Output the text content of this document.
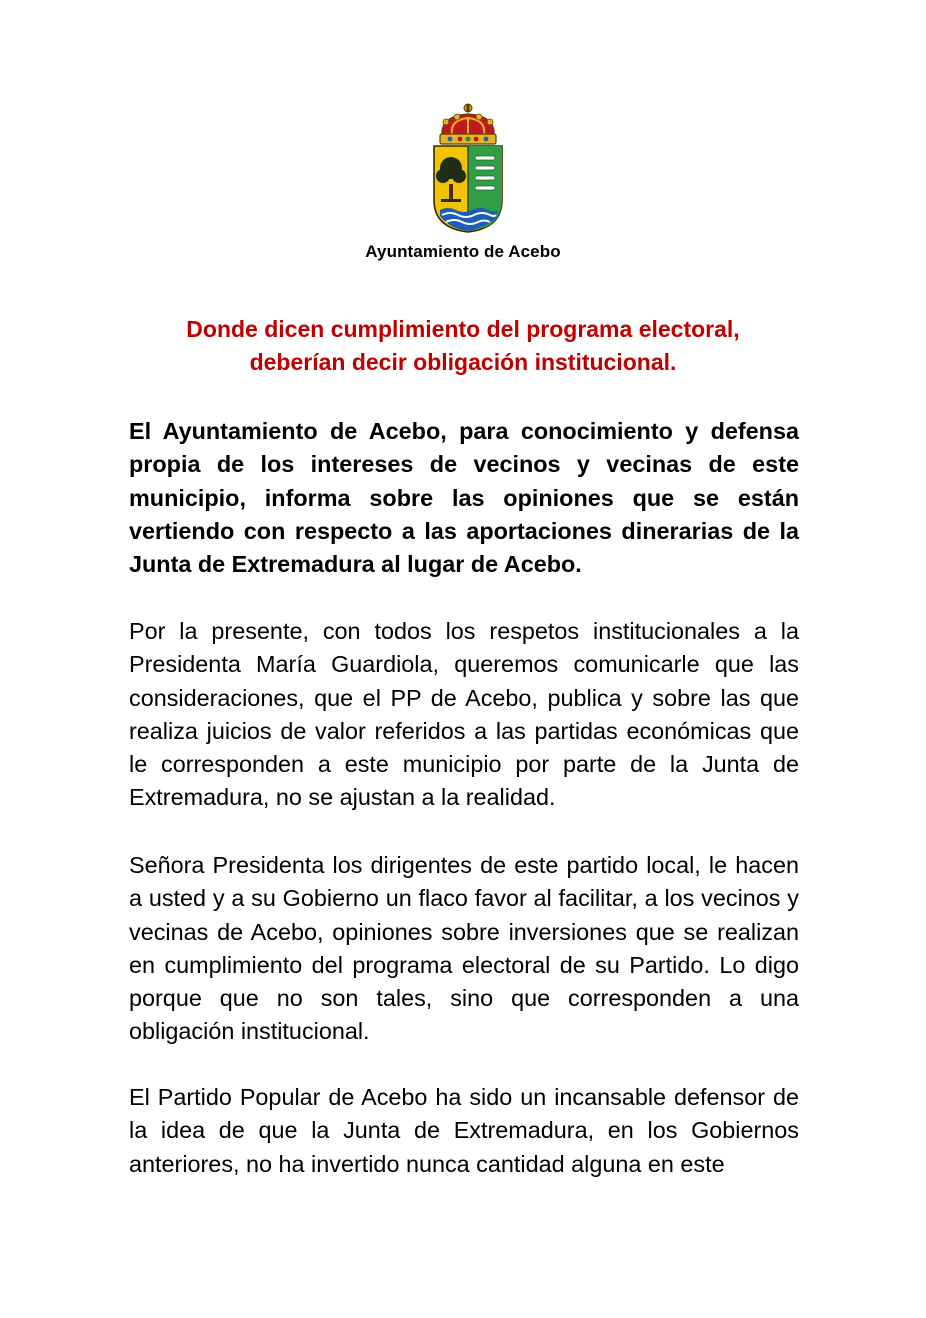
Ayuntamiento de Acebo
Donde dicen cumplimiento del programa electoral,
deberían decir obligación institucional.

El Ayuntamiento de Acebo, para conocimiento y defensa propia de los intereses de vecinos y vecinas de este municipio, informa sobre las opiniones que se están vertiendo con respecto a las aportaciones dinerarias de la Junta de Extremadura al lugar de Acebo.

Por la presente, con todos los respetos institucionales a la Presidenta María Guardiola, queremos comunicarle que las consideraciones, que el PP de Acebo, publica y sobre las que realiza juicios de valor referidos a las partidas económicas que le corresponden a este municipio por parte de la Junta de Extremadura, no se ajustan a la realidad.

Señora Presidenta los dirigentes de este partido local, le hacen a usted y a su Gobierno un flaco favor al facilitar, a los vecinos y vecinas de Acebo, opiniones sobre inversiones que se realizan en cumplimiento del programa electoral de su Partido. Lo digo porque que no son tales, sino que corresponden a una obligación institucional.

El Partido Popular de Acebo ha sido un incansable defensor de la idea de que la Junta de Extremadura, en los Gobiernos anteriores, no ha invertido nunca cantidad alguna en este
